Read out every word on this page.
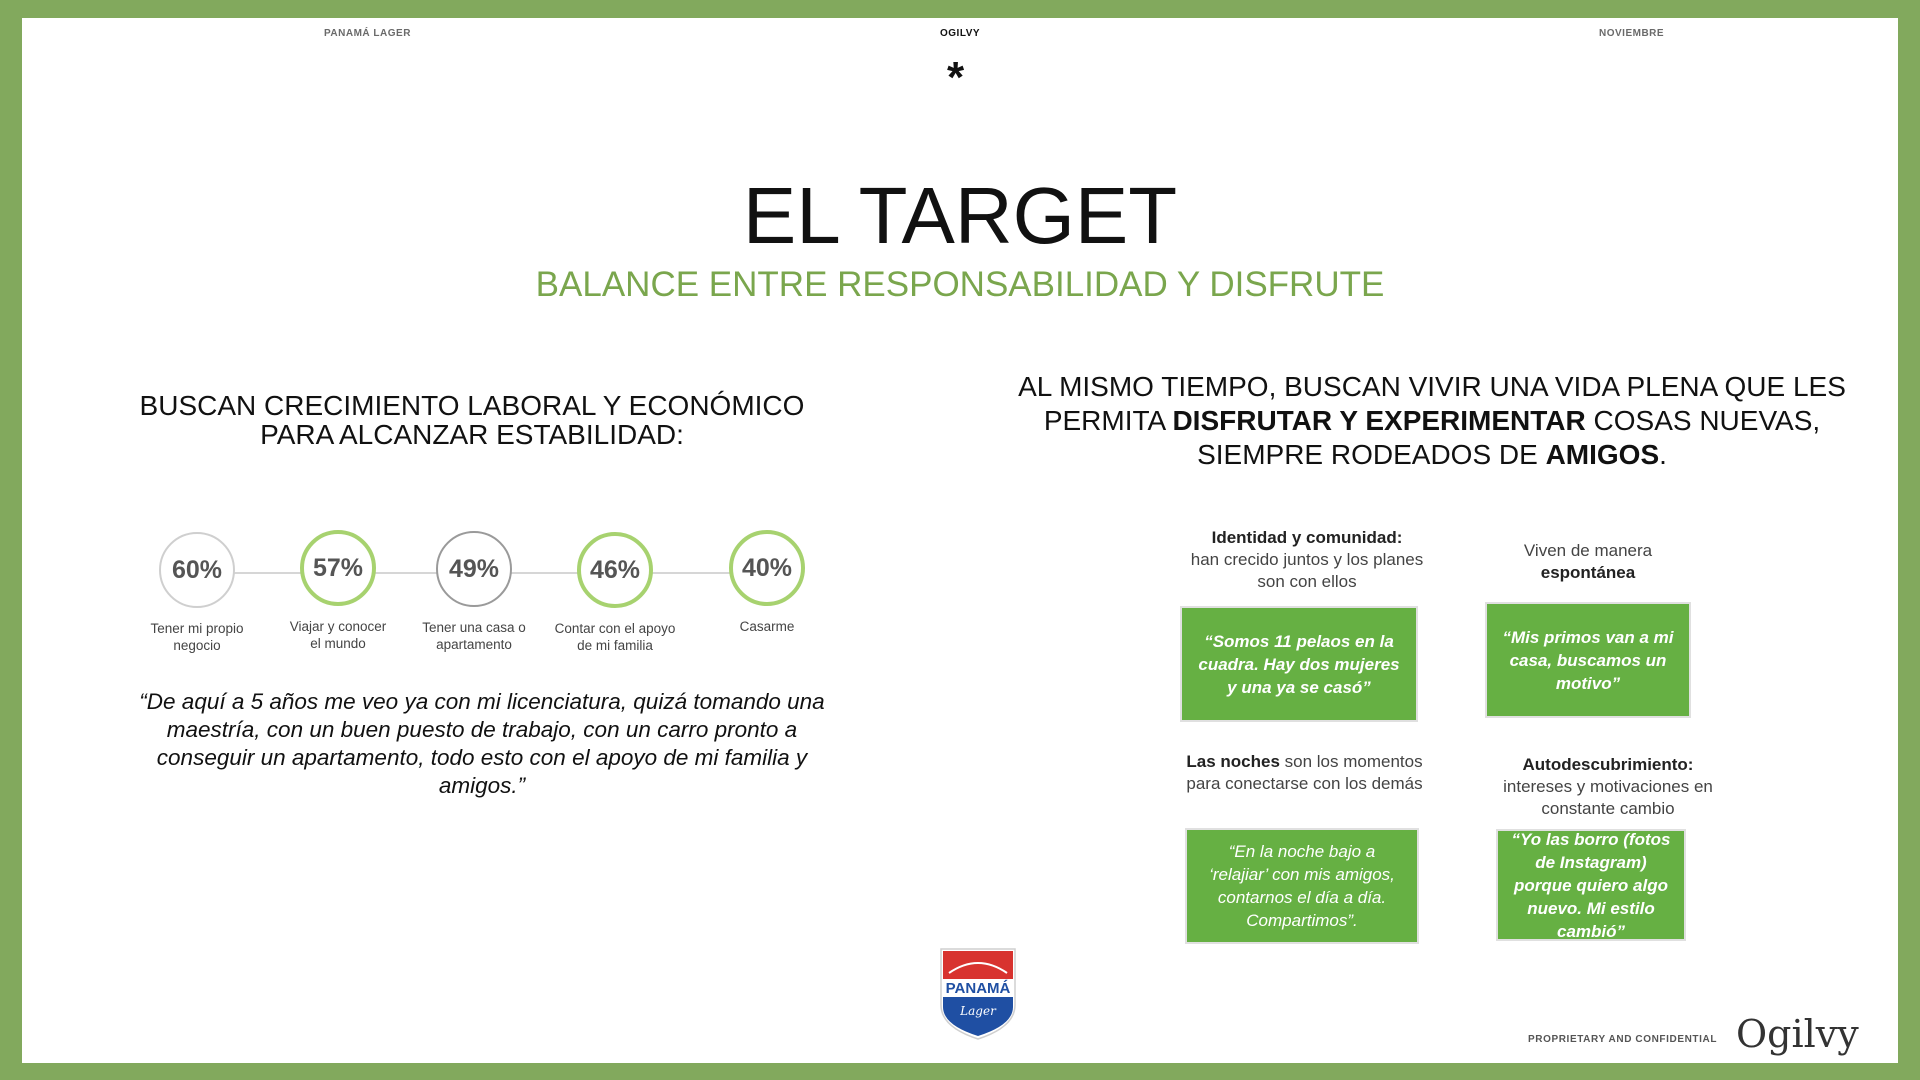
PANAMÁ LAGER	OGILVY	NOVIEMBRE
*
EL TARGET
BALANCE ENTRE RESPONSABILIDAD Y DISFRUTE
BUSCAN CRECIMIENTO LABORAL Y ECONÓMICO
PARA ALCANZAR ESTABILIDAD:
60%
Tener mi propio negocio
57%
Viajar y conocer el mundo
49%
Tener una casa o apartamento
46%
Contar con el apoyo de mi familia
40%
Casarme
“De aquí a 5 años me veo ya con mi licenciatura, quizá tomando una maestría, con un buen puesto de trabajo, con un carro pronto a conseguir un apartamento, todo esto con el apoyo de mi familia y amigos.”
AL MISMO TIEMPO, BUSCAN VIVIR UNA VIDA PLENA QUE LES
PERMITA DISFRUTAR Y EXPERIMENTAR COSAS NUEVAS,
SIEMPRE RODEADOS DE AMIGOS.
Identidad y comunidad:
han crecido juntos y los planes son con ellos
“Somos 11 pelaos en la cuadra. Hay dos mujeres y una ya se casó”
Viven de manera
espontánea
“Mis primos van a mi casa, buscamos un motivo”
Las noches son los momentos para conectarse con los demás
“En la noche bajo a ‘relajiar’ con mis amigos, contarnos el día a día. Compartimos”.
Autodescubrimiento:
intereses y motivaciones en constante cambio
“Yo las borro (fotos de Instagram) porque quiero algo nuevo. Mi estilo cambió”
PANAMÁ
Lager
PROPRIETARY AND CONFIDENTIAL Ogilvy
